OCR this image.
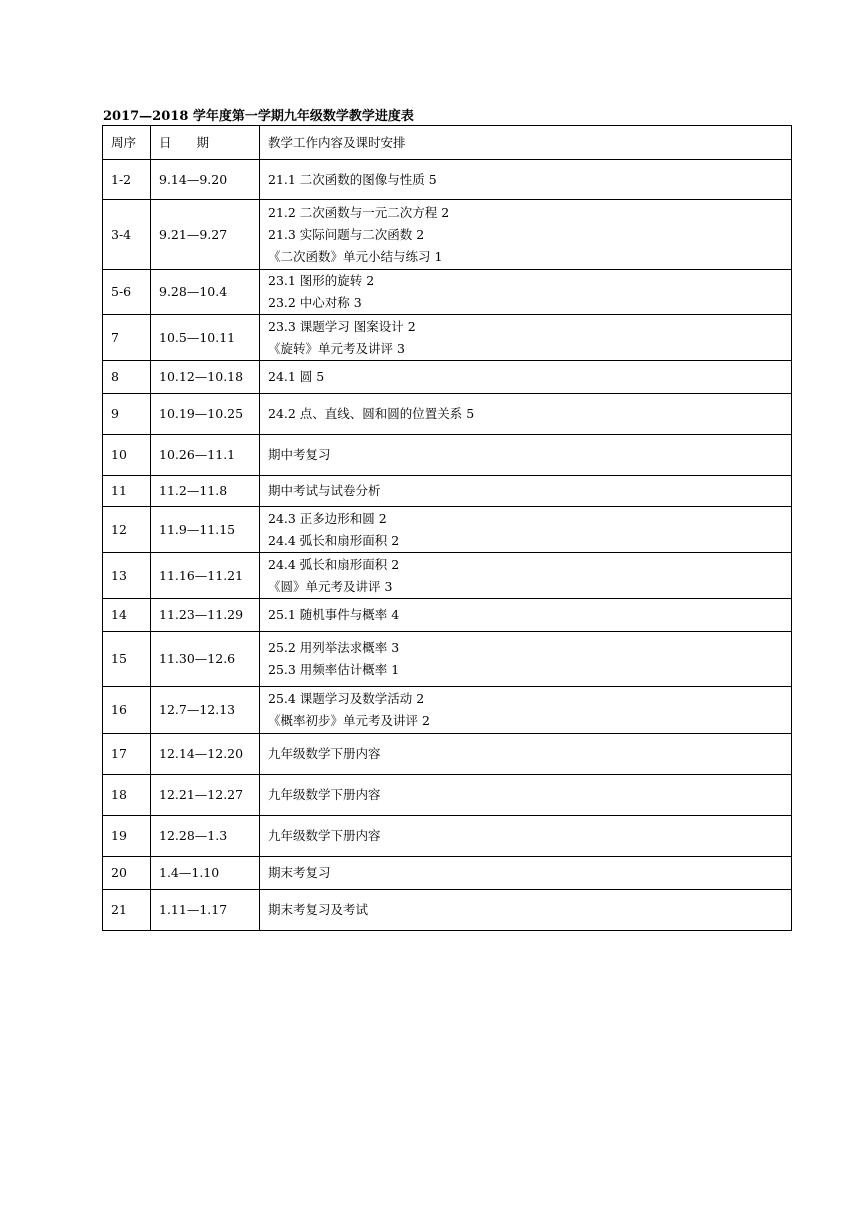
2017—2018 学年度第一学期九年级数学教学进度表
周序	日　　期	教学工作内容及课时安排
1-2	9.14—9.20	21.1 二次函数的图像与性质 5

3-4	9.21—9.27	21.2 二次函数与一元二次方程 2
21.3 实际问题与二次函数 2
《二次函数》单元小结与练习 1

5-6	9.28—10.4	23.1 图形的旋转 2
23.2 中心对称 3

7	10.5—10.11	23.3 课题学习 图案设计 2
《旋转》单元考及讲评 3

8	10.12—10.18	24.1 圆 5

9	10.19—10.25	24.2 点、直线、圆和圆的位置关系 5

10	10.26—11.1	期中考复习

11	11.2—11.8	期中考试与试卷分析

12	11.9—11.15	24.3 正多边形和圆 2
24.4 弧长和扇形面积 2

13	11.16—11.21	24.4 弧长和扇形面积 2
《圆》单元考及讲评 3

14	11.23—11.29	25.1 随机事件与概率 4

15	11.30—12.6	25.2 用列举法求概率 3
25.3 用频率估计概率 1

16	12.7—12.13	25.4 课题学习及数学活动 2
《概率初步》单元考及讲评 2

17	12.14—12.20	九年级数学下册内容

18	12.21—12.27	九年级数学下册内容

19	12.28—1.3	九年级数学下册内容

20	1.4—1.10	期末考复习

21	1.11—1.17	期末考复习及考试
